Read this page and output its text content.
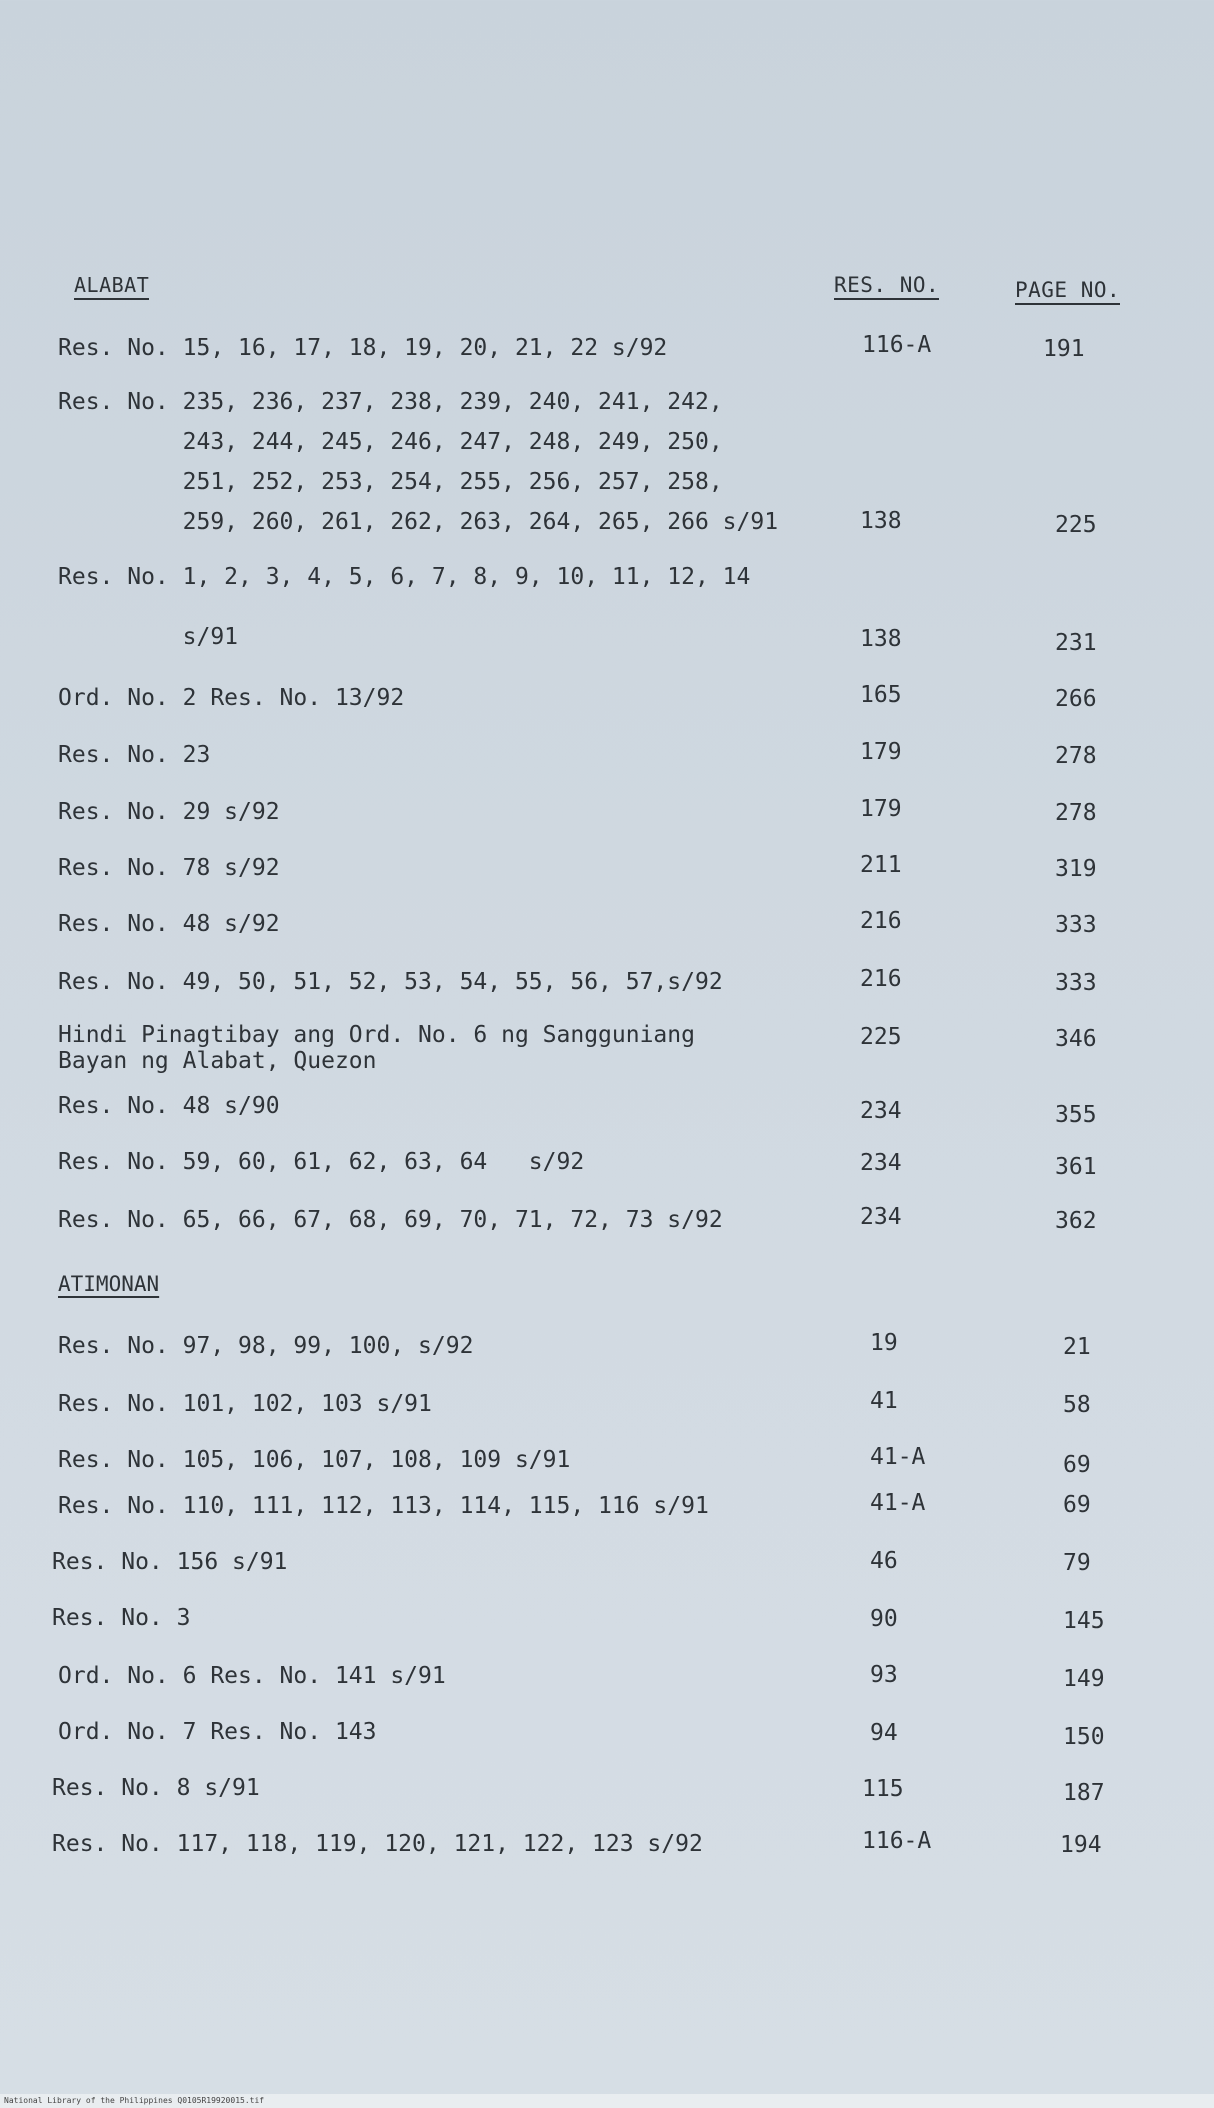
ALABAT	RES. NO.	PAGE NO.
Res. No. 15, 16, 17, 18, 19, 20, 21, 22 s/92	116-A	191
Res. No. 235, 236, 237, 238, 239, 240, 241, 242,
243, 244, 245, 246, 247, 248, 249, 250,
251, 252, 253, 254, 255, 256, 257, 258,
259, 260, 261, 262, 263, 264, 265, 266 s/91	138	225
Res. No. 1, 2, 3, 4, 5, 6, 7, 8, 9, 10, 11, 12, 14

s/91	138	231
Ord. No. 2 Res. No. 13/92	165	266
Res. No. 23	179	278
Res. No. 29 s/92	179	278
Res. No. 78 s/92	211	319
Res. No. 48 s/92	216	333
Res. No. 49, 50, 51, 52, 53, 54, 55, 56, 57,s/92	216	333
Hindi Pinagtibay ang Ord. No. 6 ng Sangguniang
Bayan ng Alabat, Quezon
225	346
Res. No. 48 s/90	234	355
Res. No. 59, 60, 61, 62, 63, 64   s/92	234	361
Res. No. 65, 66, 67, 68, 69, 70, 71, 72, 73 s/92	234	362
ATIMONAN
Res. No. 97, 98, 99, 100, s/92	19	21
Res. No. 101, 102, 103 s/91	41	58
Res. No. 105, 106, 107, 108, 109 s/91	41-A	69
Res. No. 110, 111, 112, 113, 114, 115, 116 s/91	41-A	69
Res. No. 156 s/91	46	79
Res. No. 3	90	145
Ord. No. 6 Res. No. 141 s/91	93	149
Ord. No. 7 Res. No. 143	94	150
Res. No. 8 s/91	115	187
Res. No. 117, 118, 119, 120, 121, 122, 123 s/92	116-A	194
National Library of the Philippines Q0105R19920015.tif
